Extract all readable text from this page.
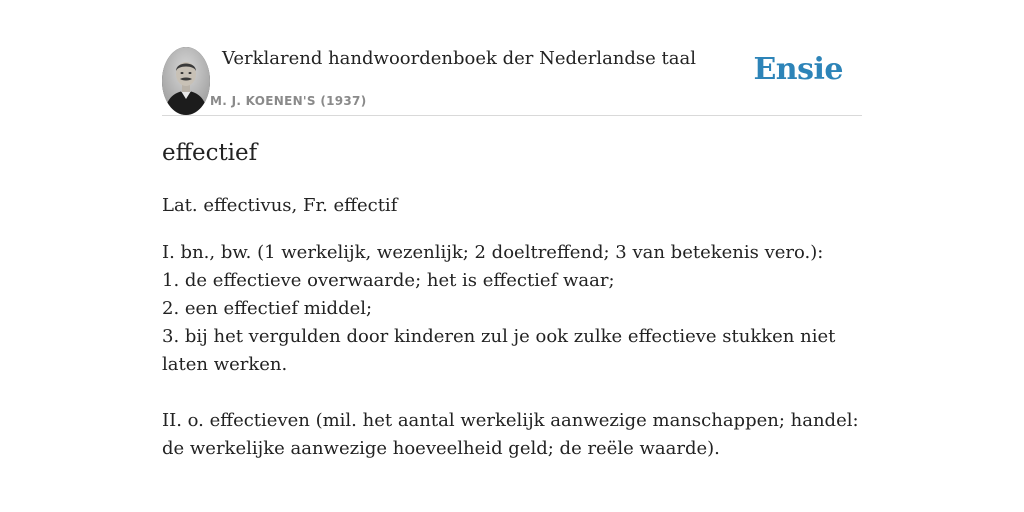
Verklarend handwoordenboek der Nederlandse taal
M. J. KOENEN'S (1937)
Ensie
effectief

Lat. effectivus, Fr. effectif

I. bn., bw. (1 werkelijk, wezenlijk; 2 doeltreffend; 3 van betekenis vero.):
1. de effectieve overwaarde; het is effectief waar;
2. een effectief middel;
3. bij het vergulden door kinderen zul je ook zulke effectieve stukken niet laten werken.
II. o. effectieven (mil. het aantal werkelijk aanwezige manschappen; handel: de werkelijke aanwezige hoeveelheid geld; de reële waarde).
